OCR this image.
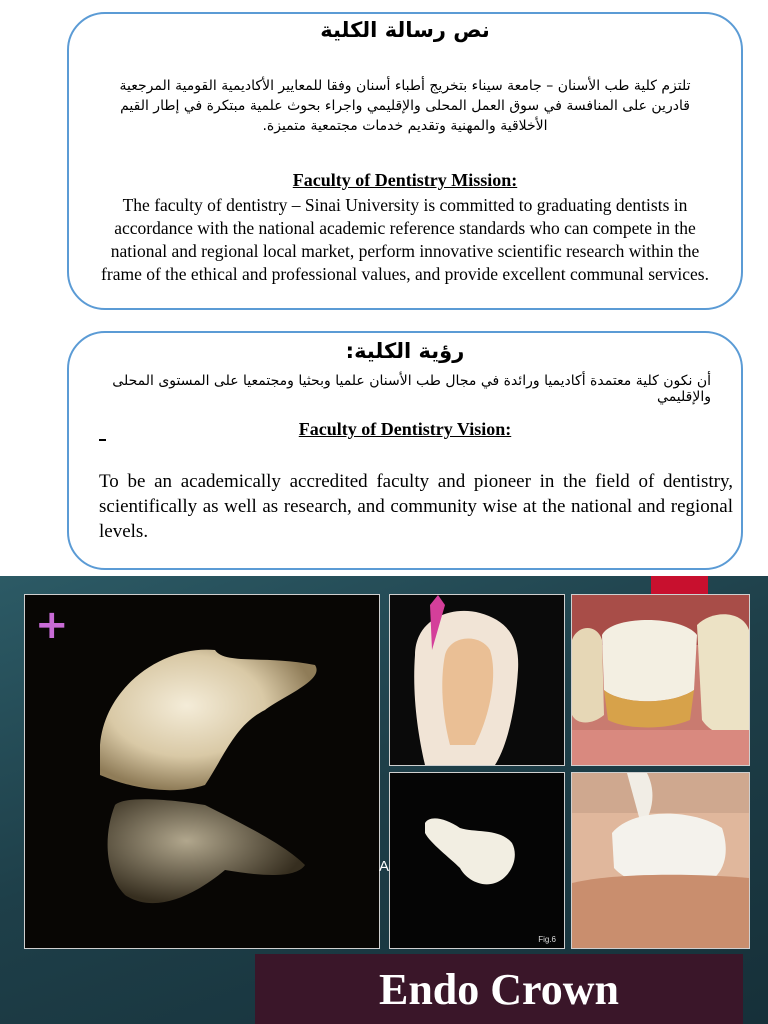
نص رسالة الكلية
تلتزم كلية طب الأسنان – جامعة سيناء بتخريج أطباء أسنان وفقا للمعايير الأكاديمية القومية المرجعية قادرين على المنافسة في سوق العمل المحلى والإقليمي واجراء بحوث علمية مبتكرة في إطار القيم الأخلاقية والمهنية وتقديم خدمات مجتمعية متميزة.
Faculty of Dentistry Mission:
The faculty of dentistry – Sinai University is committed to graduating dentists in accordance with the national academic reference standards who can compete in the national and regional local market, perform innovative scientific research within the frame of the ethical and professional values, and provide excellent communal services.
رؤية الكلية:
أن نكون كلية معتمدة أكاديميا ورائدة في مجال طب الأسنان علميا وبحثيا ومجتمعيا على المستوى المحلى والإقليمي
Faculty of Dentistry Vision:
To be an academically accredited faculty and pioneer in the field of dentistry, scientifically as well as research, and community wise at the national and regional levels.
+
Fig.6
A
Endo Crown
